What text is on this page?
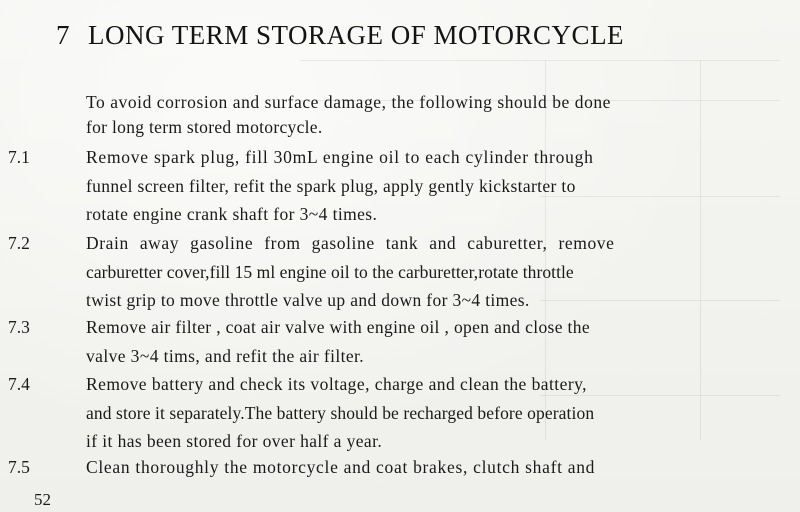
7 LONG TERM STORAGE OF MOTORCYCLE
To avoid corrosion and surface damage, the following should be done
for long term stored motorcycle.
7.1	Remove spark plug, fill 30mL engine oil to each cylinder through
funnel screen filter, refit the spark plug, apply gently kickstarter to
rotate engine crank shaft for 3~4 times.
7.2	Drain away gasoline from gasoline tank and caburetter, remove
carburetter cover,fill 15 ml engine oil to the carburetter,rotate throttle
twist grip to move throttle valve up and down for 3~4 times.
7.3	Remove air filter , coat air valve with engine oil , open and close the
valve 3~4 tims, and refit the air filter.
7.4	Remove battery and check its voltage, charge and clean the battery,
and store it separately.The battery should be recharged before operation
if it has been stored for over half a year.
7.5	Clean thoroughly the motorcycle and coat brakes, clutch shaft and
52
